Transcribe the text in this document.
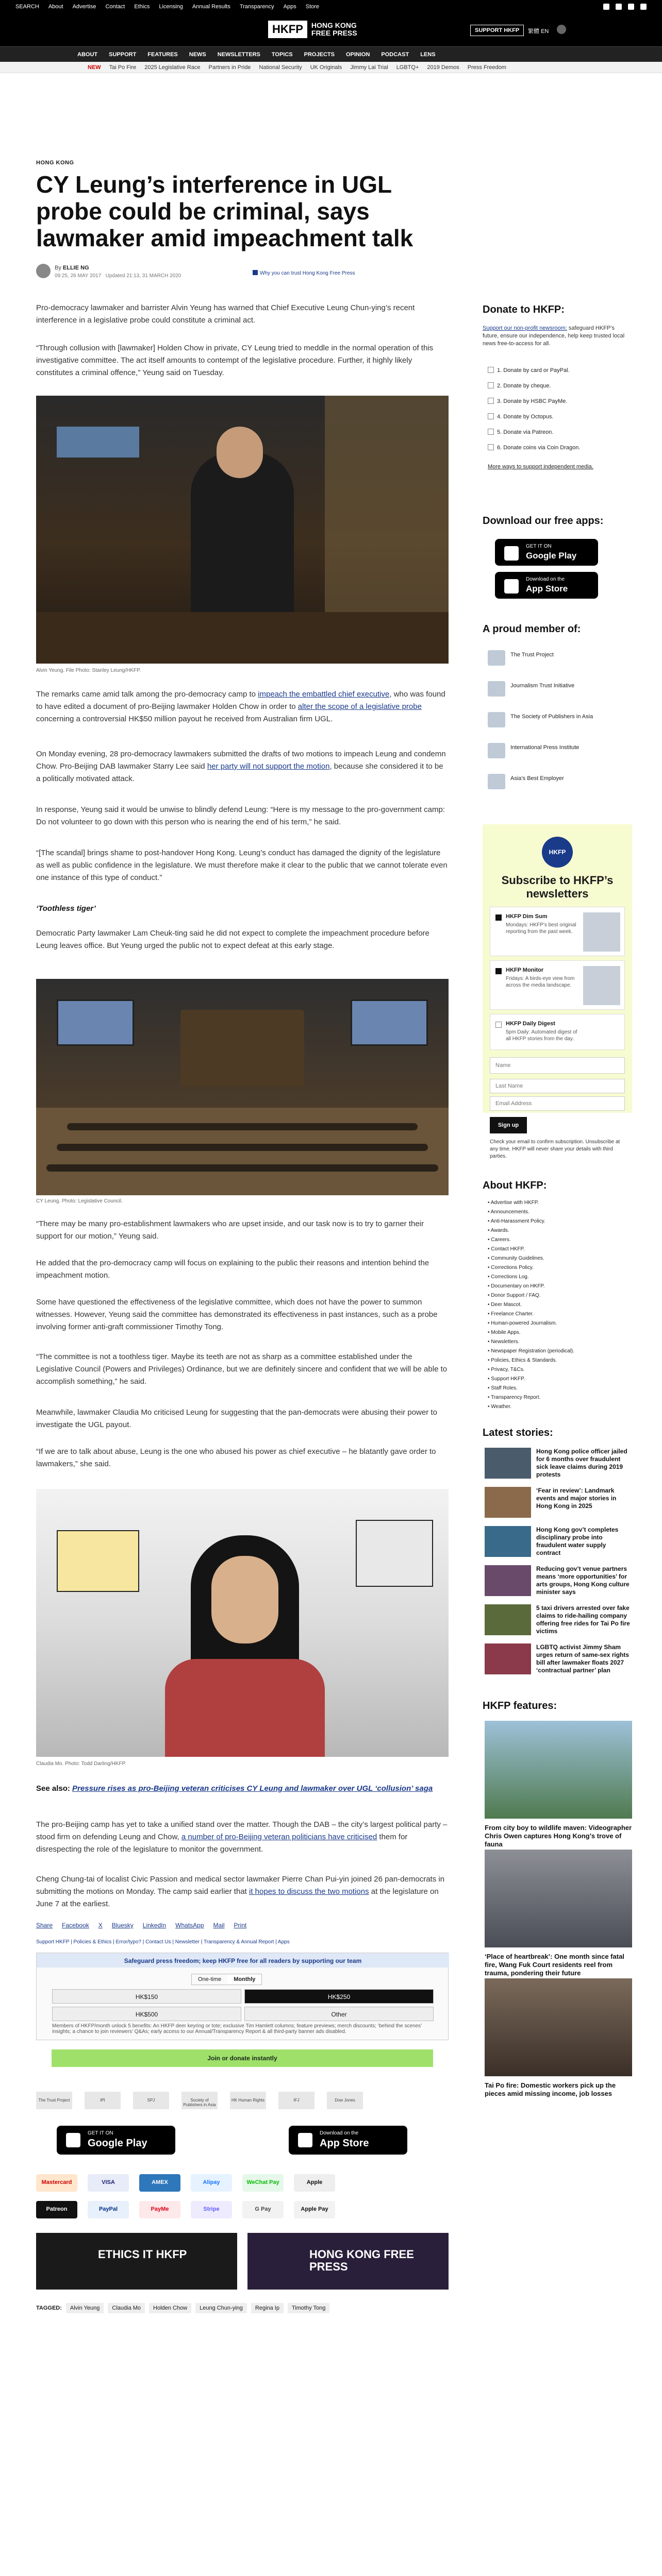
SEARCH About Advertise Contact Ethics Licensing Annual Results Transparency Apps Store
HKFP	HONG KONG
FREE PRESS	SUPPORT HKFP	繁體 EN
ABOUT SUPPORT FEATURES NEWS NEWSLETTERS TOPICS PROJECTS OPINION PODCAST LENS
NEW Tai Po Fire 2025 Legislative Race Partners in Pride National Security UK Originals Jimmy Lai Trial LGBTQ+ 2019 Demos Press Freedom
HONG KONG
CY Leung’s interference in UGL probe could be criminal, says lawmaker amid impeachment talk
By ELLIE NG
09:25, 26 MAY 2017 Updated 21:13, 31 MARCH 2020	Why you can trust Hong Kong Free Press

Pro-democracy lawmaker and barrister Alvin Yeung has warned that Chief Executive Leung Chun-ying’s recent interference in a legislative probe could constitute a criminal act.

“Through collusion with [lawmaker] Holden Chow in private, CY Leung tried to meddle in the normal operation of this investigative committee. The act itself amounts to contempt of the legislative procedure. Further, it highly likely constitutes a criminal offence,” Yeung said on Tuesday.

Alvin Yeung. File Photo: Stanley Leung/HKFP.

The remarks came amid talk among the pro-democracy camp to impeach the embattled chief executive, who was found to have edited a document of pro-Beijing lawmaker Holden Chow in order to alter the scope of a legislative probe concerning a controversial HK$50 million payout he received from Australian firm UGL.

On Monday evening, 28 pro-democracy lawmakers submitted the drafts of two motions to impeach Leung and condemn Chow. Pro-Beijing DAB lawmaker Starry Lee said her party will not support the motion, because she considered it to be a politically motivated attack.

In response, Yeung said it would be unwise to blindly defend Leung: “Here is my message to the pro-government camp: Do not volunteer to go down with this person who is nearing the end of his term,” he said.

“[The scandal] brings shame to post-handover Hong Kong. Leung’s conduct has damaged the dignity of the legislature as well as public confidence in the legislature. We must therefore make it clear to the public that we cannot tolerate even one instance of this type of conduct.”

‘Toothless tiger’

Democratic Party lawmaker Lam Cheuk-ting said he did not expect to complete the impeachment procedure before Leung leaves office. But Yeung urged the public not to expect defeat at this early stage.

CY Leung. Photo: Legislative Council.

“There may be many pro-establishment lawmakers who are upset inside, and our task now is to try to garner their support for our motion,” Yeung said.

He added that the pro-democracy camp will focus on explaining to the public their reasons and intention behind the impeachment motion.

Some have questioned the effectiveness of the legislative committee, which does not have the power to summon witnesses. However, Yeung said the committee has demonstrated its effectiveness in past instances, such as a probe involving former anti-graft commissioner Timothy Tong.

“The committee is not a toothless tiger. Maybe its teeth are not as sharp as a committee established under the Legislative Council (Powers and Privileges) Ordinance, but we are definitely sincere and confident that we will be able to accomplish something,” he said.

Meanwhile, lawmaker Claudia Mo criticised Leung for suggesting that the pan-democrats were abusing their power to investigate the UGL payout.

“If we are to talk about abuse, Leung is the one who abused his power as chief executive – he blatantly gave order to lawmakers,” she said.

Claudia Mo. Photo: Todd Darling/HKFP.

See also: Pressure rises as pro-Beijing veteran criticises CY Leung and lawmaker over UGL ‘collusion’ saga

The pro-Beijing camp has yet to take a unified stand over the matter. Though the DAB – the city’s largest political party – stood firm on defending Leung and Chow, a number of pro-Beijing veteran politicians have criticised them for disrespecting the role of the legislature to monitor the government.

Cheng Chung-tai of localist Civic Passion and medical sector lawmaker Pierre Chan Pui-yin joined 26 pan-democrats in submitting the motions on Monday. The camp said earlier that it hopes to discuss the two motions at the legislature on June 7 at the earliest.

Share Facebook X Bluesky LinkedIn WhatsApp Mail Print
Support HKFP | Policies & Ethics | Error/typo? | Contact Us | Newsletter | Transparency & Annual Report | Apps
Safeguard press freedom; keep HKFP free for all readers by supporting our team
One-time	Monthly
HK$150	HK$250
HK$500	Other
Members of HKFP/month unlock 5 benefits: An HKFP deer keyring or tote; exclusive Tim Hamlett columns; feature previews; merch discounts; ‘behind the scenes’ insights; a chance to join reviewers’ Q&As; early access to our Annual/Transparency Report & all third-party banner ads disabled.
Join or donate instantly
The Trust Project	IPI	SPJ	Society of Publishers in Asia
HK Human Rights	IFJ	Dow Jones
GET IT ON
Google Play
Download on the
App Store
Mastercard	VISA	AMEX	Alipay	WeChat Pay	Apple
Patreon	PayPal	PayMe	Stripe	G Pay	Apple Pay
ETHICS IT HKFP	HONG KONG FREE PRESS
TAGGED:	Alvin Yeung	Claudia Mo	Holden Chow	Leung Chun-ying	Regina Ip	Timothy Tong
Donate to HKFP:
Support our non-profit newsroom: safeguard HKFP’s future, ensure our independence, help keep trusted local news free-to-access for all.
1. Donate by card or PayPal.
2. Donate by cheque.
3. Donate by HSBC PayMe.
4. Donate by Octopus.
5. Donate via Patreon.
6. Donate coins via Coin Dragon.
More ways to support independent media.
Download our free apps:
GET IT ON
Google Play
Download on the
App Store
A proud member of:
The Trust Project
Journalism Trust Initiative
The Society of Publishers in Asia
International Press Institute
Asia’s Best Employer
HKFP
Subscribe to HKFP’s newsletters
HKFP Dim Sum
Mondays: HKFP’s best original reporting from the past week.
HKFP Monitor
Fridays: A birds-eye view from across the media landscape.
HKFP Daily Digest
5pm Daily: Automated digest of all HKFP stories from the day.
Name
Last Name
Email Address
Sign up
Check your email to confirm subscription. Unsubscribe at any time. HKFP will never share your details with third parties.
About HKFP:
• Advertise with HKFP.
• Announcements.
• Anti-Harassment Policy.
• Awards.
• Careers.
• Contact HKFP.
• Community Guidelines.
• Corrections Policy.
• Corrections Log.
• Documentary on HKFP.
• Donor Support / FAQ.
• Deer Mascot.
• Freelance Charter.
• Human-powered Journalism.
• Mobile Apps.
• Newsletters.
• Newspaper Registration (periodical).
• Policies, Ethics & Standards.
• Privacy, T&Cs.
• Support HKFP.
• Staff Roles.
• Transparency Report.
• Weather.
Latest stories:
Hong Kong police officer jailed for 6 months over fraudulent sick leave claims during 2019 protests
‘Fear in review’: Landmark events and major stories in Hong Kong in 2025
Hong Kong gov’t completes disciplinary probe into fraudulent water supply contract
Reducing gov’t venue partners means ‘more opportunities’ for arts groups, Hong Kong culture minister says
5 taxi drivers arrested over fake claims to ride-hailing company offering free rides for Tai Po fire victims
LGBTQ activist Jimmy Sham urges return of same-sex rights bill after lawmaker floats 2027 ‘contractual partner’ plan
HKFP features:
From city boy to wildlife maven: Videographer Chris Owen captures Hong Kong’s trove of fauna
‘Place of heartbreak’: One month since fatal fire, Wang Fuk Court residents reel from trauma, pondering their future
Tai Po fire: Domestic workers pick up the pieces amid missing income, job losses
